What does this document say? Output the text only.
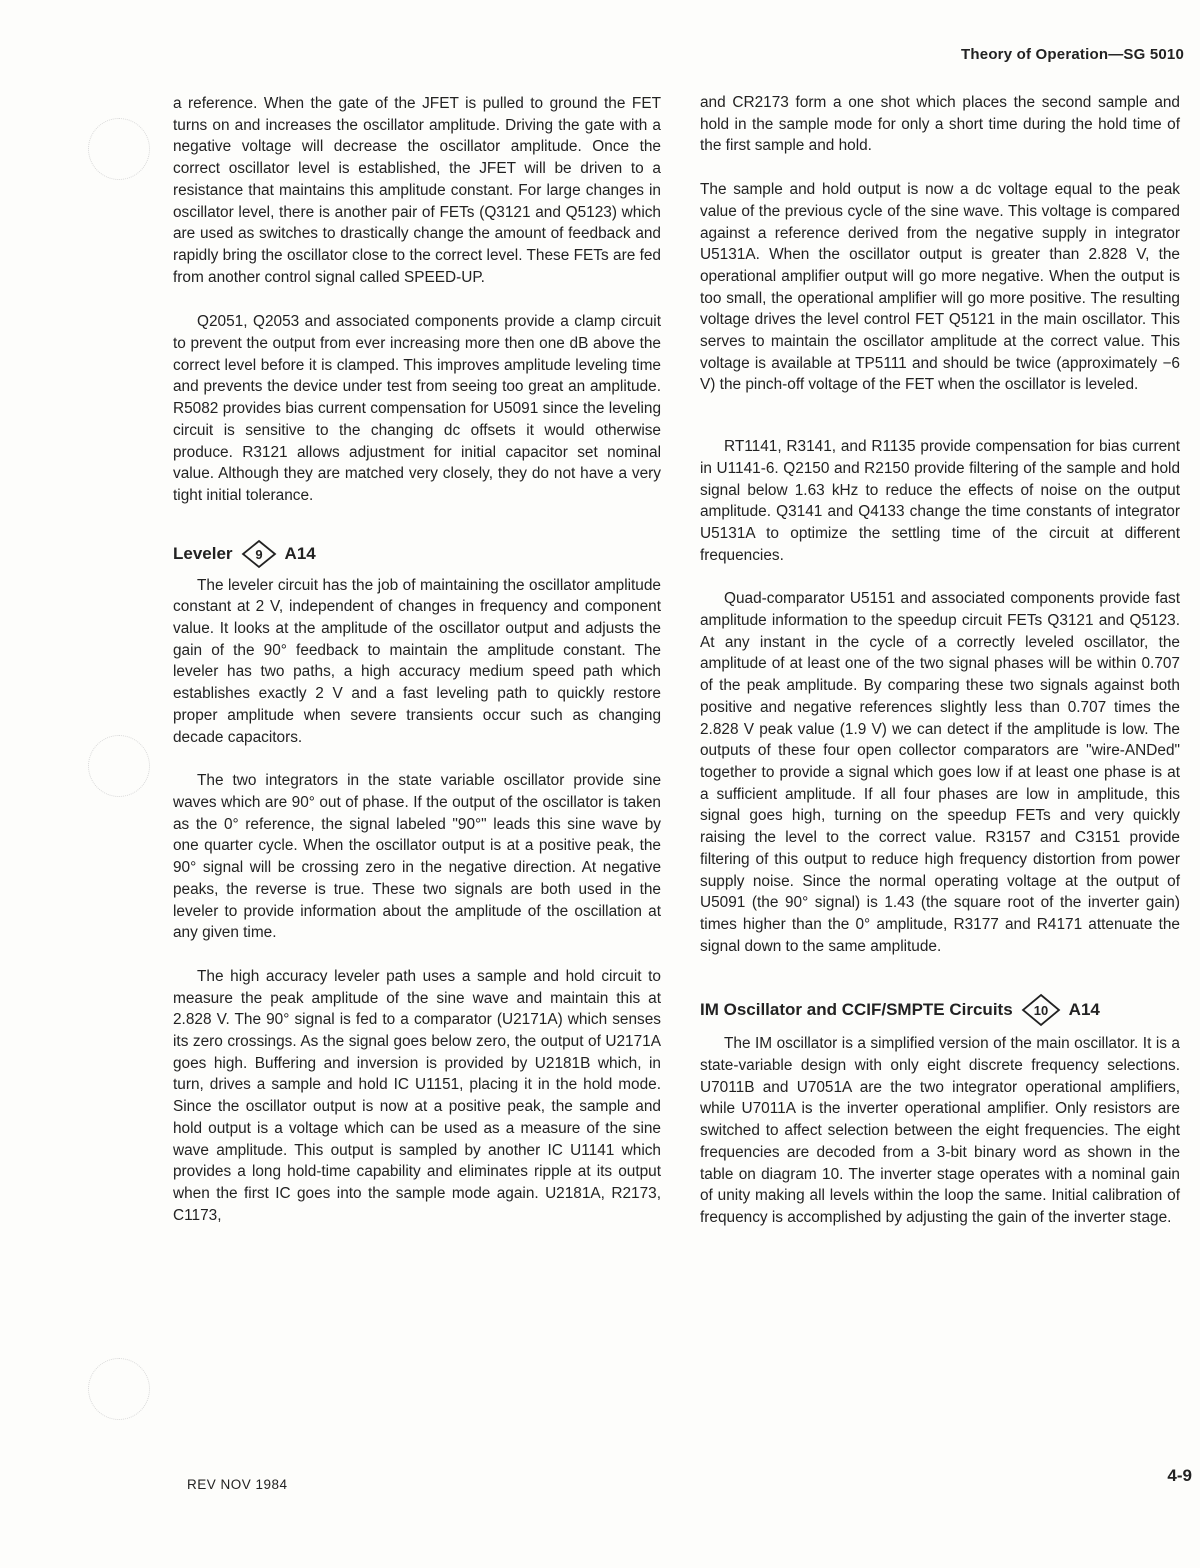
Theory of Operation—SG 5010

a reference. When the gate of the JFET is pulled to ground the FET turns on and increases the oscillator amplitude. Driving the gate with a negative voltage will decrease the oscillator amplitude. Once the correct oscillator level is established, the JFET will be driven to a resistance that maintains this amplitude constant. For large changes in oscillator level, there is another pair of FETs (Q3121 and Q5123) which are used as switches to drastically change the amount of feedback and rapidly bring the oscillator close to the correct level. These FETs are fed from another control signal called SPEED-UP.

Q2051, Q2053 and associated components provide a clamp circuit to prevent the output from ever increasing more then one dB above the correct level before it is clamped. This improves amplitude leveling time and prevents the device under test from seeing too great an amplitude. R5082 provides bias current compensation for U5091 since the leveling circuit is sensitive to the changing dc offsets it would otherwise produce. R3121 allows adjustment for initial capacitor set nominal value. Although they are matched very closely, they do not have a very tight initial tolerance.

Leveler 9 A14

The leveler circuit has the job of maintaining the oscillator amplitude constant at 2 V, independent of changes in frequency and component value. It looks at the amplitude of the oscillator output and adjusts the gain of the 90° feedback to maintain the amplitude constant. The leveler has two paths, a high accuracy medium speed path which establishes exactly 2 V and a fast leveling path to quickly restore proper amplitude when severe transients occur such as changing decade capacitors.

The two integrators in the state variable oscillator provide sine waves which are 90° out of phase. If the output of the oscillator is taken as the 0° reference, the signal labeled "90°" leads this sine wave by one quarter cycle. When the oscillator output is at a positive peak, the 90° signal will be crossing zero in the negative direction. At negative peaks, the reverse is true. These two signals are both used in the leveler to provide information about the amplitude of the oscillation at any given time.

The high accuracy leveler path uses a sample and hold circuit to measure the peak amplitude of the sine wave and maintain this at 2.828 V. The 90° signal is fed to a comparator (U2171A) which senses its zero crossings. As the signal goes below zero, the output of U2171A goes high. Buffering and inversion is provided by U2181B which, in turn, drives a sample and hold IC U1151, placing it in the hold mode. Since the oscillator output is now at a positive peak, the sample and hold output is a voltage which can be used as a measure of the sine wave amplitude. This output is sampled by another IC U1141 which provides a long hold-time capability and eliminates ripple at its output when the first IC goes into the sample mode again. U2181A, R2173, C1173,

and CR2173 form a one shot which places the second sample and hold in the sample mode for only a short time during the hold time of the first sample and hold.

The sample and hold output is now a dc voltage equal to the peak value of the previous cycle of the sine wave. This voltage is compared against a reference derived from the negative supply in integrator U5131A. When the oscillator output is greater than 2.828 V, the operational amplifier output will go more negative. When the output is too small, the operational amplifier will go more positive. The resulting voltage drives the level control FET Q5121 in the main oscillator. This serves to maintain the oscillator amplitude at the correct value. This voltage is available at TP5111 and should be twice (approximately −6 V) the pinch-off voltage of the FET when the oscillator is leveled.

RT1141, R3141, and R1135 provide compensation for bias current in U1141-6. Q2150 and R2150 provide filtering of the sample and hold signal below 1.63 kHz to reduce the effects of noise on the output amplitude. Q3141 and Q4133 change the time constants of integrator U5131A to optimize the settling time of the circuit at different frequencies.

Quad-comparator U5151 and associated components provide fast amplitude information to the speedup circuit FETs Q3121 and Q5123. At any instant in the cycle of a correctly leveled oscillator, the amplitude of at least one of the two signal phases will be within 0.707 of the peak amplitude. By comparing these two signals against both positive and negative references slightly less than 0.707 times the 2.828 V peak value (1.9 V) we can detect if the amplitude is low. The outputs of these four open collector comparators are "wire-ANDed" together to provide a signal which goes low if at least one phase is at a sufficient amplitude. If all four phases are low in amplitude, this signal goes high, turning on the speedup FETs and very quickly raising the level to the correct value. R3157 and C3151 provide filtering of this output to reduce high frequency distortion from power supply noise. Since the normal operating voltage at the output of U5091 (the 90° signal) is 1.43 (the square root of the inverter gain) times higher than the 0° amplitude, R3177 and R4171 attenuate the signal down to the same amplitude.

IM Oscillator and CCIF/SMPTE Circuits 10 A14

The IM oscillator is a simplified version of the main oscillator. It is a state-variable design with only eight discrete frequency selections. U7011B and U7051A are the two integrator operational amplifiers, while U7011A is the inverter operational amplifier. Only resistors are switched to affect selection between the eight frequencies. The eight frequencies are decoded from a 3-bit binary word as shown in the table on diagram 10. The inverter stage operates with a nominal gain of unity making all levels within the loop the same. Initial calibration of frequency is accomplished by adjusting the gain of the inverter stage.

REV NOV 1984	4-9
